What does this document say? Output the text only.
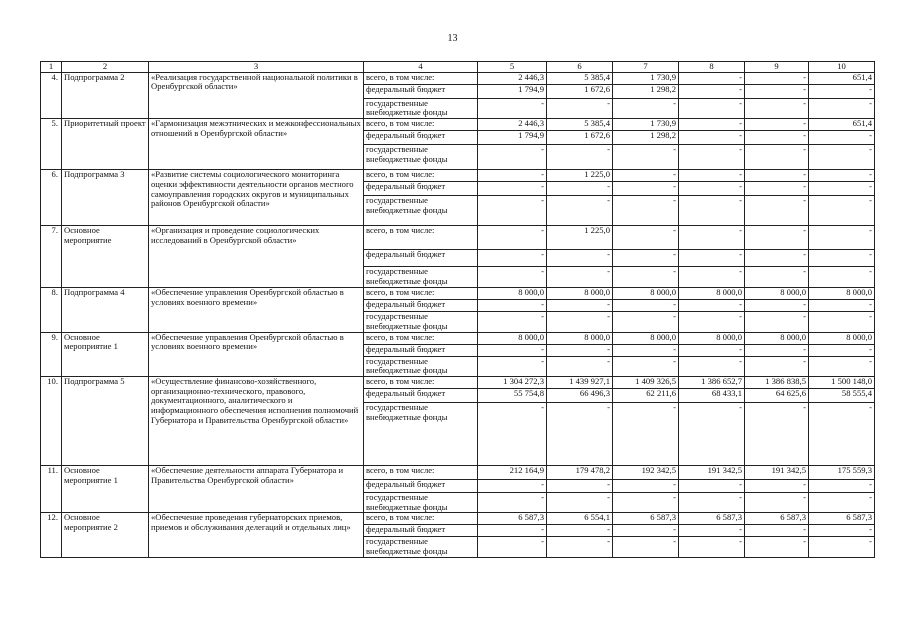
13
1	2	3	4	5	6	7	8	9	10
4.	Подпрограмма 2	«Реализация государственной национальной политики в Оренбургской области»	всего, в том числе:	2 446,3	5 385,4	1 730,9	-	-	651,4
			федеральный бюджет	1 794,9	1 672,6	1 298,2	-	-	-
			государственные внебюджетные фонды	-	-	-	-	-	-
5.	Приоритетный проект	«Гармонизация межэтнических и межконфессиональных отношений в Оренбургской области»	всего, в том числе:	2 446,3	5 385,4	1 730,9	-	-	651,4
			федеральный бюджет	1 794,9	1 672,6	1 298,2	-	-	-
			государственные внебюджетные фонды	-	-	-	-	-	-
6.	Подпрограмма 3	«Развитие системы социологического мониторинга оценки эффективности деятельности органов местного самоуправления городских округов и муниципальных районов Оренбургской области»	всего, в том числе:	-	1 225,0	-	-	-	-
			федеральный бюджет	-	-	-	-	-	-
			государственные внебюджетные фонды	-	-	-	-	-	-
7.	Основное мероприятие	«Организация и проведение социологических исследований в Оренбургской области»	всего, в том числе:	-	1 225,0	-	-	-	-
			федеральный бюджет	-	-	-	-	-	-
			государственные внебюджетные фонды	-	-	-	-	-	-
8.	Подпрограмма 4	«Обеспечение управления Оренбургской областью в условиях военного времени»	всего, в том числе:	8 000,0	8 000,0	8 000,0	8 000,0	8 000,0	8 000,0
			федеральный бюджет	-	-	-	-	-	-
			государственные внебюджетные фонды	-	-	-	-	-	-
9.	Основное мероприятие 1	«Обеспечение управления Оренбургской областью в условиях военного времени»	всего, в том числе:	8 000,0	8 000,0	8 000,0	8 000,0	8 000,0	8 000,0
			федеральный бюджет	-	-	-	-	-	-
			государственные внебюджетные фонды	-	-	-	-	-	-
10.	Подпрограмма 5	«Осуществление финансово-хозяйственного, организационно-технического, правового, документационного, аналитического и информационного обеспечения исполнения полномочий Губернатора и Правительства Оренбургской области»	всего, в том числе:	1 304 272,3	1 439 927,1	1 409 326,5	1 386 652,7	1 386 838,5	1 500 148,0
			федеральный бюджет	55 754,8	66 496,3	62 211,6	68 433,1	64 625,6	58 555,4
			государственные внебюджетные фонды	-	-	-	-	-	-
11.	Основное мероприятие 1	«Обеспечение деятельности аппарата Губернатора и Правительства Оренбургской области»	всего, в том числе:	212 164,9	179 478,2	192 342,5	191 342,5	191 342,5	175 559,3
			федеральный бюджет	-	-	-	-	-	-
			государственные внебюджетные фонды	-	-	-	-	-	-
12.	Основное мероприятие 2	«Обеспечение проведения губернаторских приемов, приемов и обслуживания делегаций и отдельных лиц»	всего, в том числе:	6 587,3	6 554,1	6 587,3	6 587,3	6 587,3	6 587,3
			федеральный бюджет	-	-	-	-	-	-
			государственные внебюджетные фонды	-	-	-	-	-	-
